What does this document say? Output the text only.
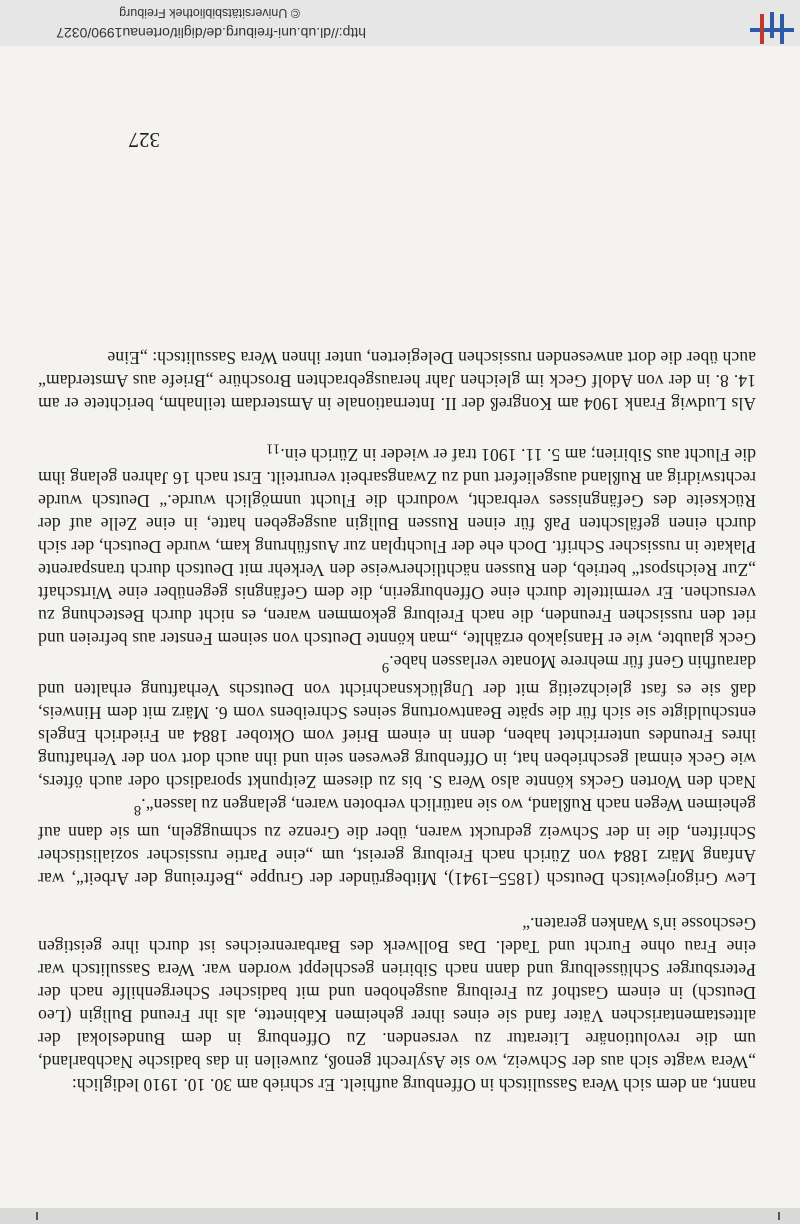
nannt, an dem sich Wera Sassulitsch in Offenburg aufhielt. Er schrieb am 30. 10. 1910 lediglich:

„Wera wagte sich aus der Schweiz, wo sie Asylrecht genoß, zuweilen in das badische Nachbarland, um die revolutionäre Literatur zu versenden. Zu Offenburg in dem Bundeslokal der alttestamentarischen Väter fand sie eines ihrer geheimen Kabinette, als ihr Freund Bulìgin (Leo Deutsch) in einem Gasthof zu Freiburg ausgehoben und mit badischer Schergenhilfe nach der Petersburger Schlüsselburg und dann nach Sibirien geschleppt worden war. Wera Sassulitsch war eine Frau ohne Furcht und Tadel. Das Bollwerk des Barbarenreiches ist durch ihre geistigen Geschosse in's Wanken geraten.“

Lew Grigorjewitsch Deutsch (1855–1941), Mitbegründer der Gruppe „Befreiung der Arbeit“, war Anfang März 1884 von Zürich nach Freiburg gereist, um „eine Partie russischer sozialistischer Schriften, die in der Schweiz gedruckt waren, über die Grenze zu schmuggeln, um sie dann auf geheimen Wegen nach Rußland, wo sie natürlich verboten waren, gelangen zu lassen“.$^8$

Nach den Worten Gecks könnte also Wera S. bis zu diesem Zeitpunkt sporadisch oder auch öfters, wie Geck einmal geschrieben hat, in Offenburg gewesen sein und ihn auch dort von der Verhaftung ihres Freundes unterrichtet haben, denn in einem Brief vom Oktober 1884 an Friedrich Engels entschuldigte sie sich für die späte Beantwortung seines Schreibens vom 6. März mit dem Hinweis, daß sie es fast gleichzeitig mit der Unglücksnachricht von Deutschs Verhaftung erhalten und daraufhin Genf für mehrere Monate verlassen habe.$^9$

Geck glaubte, wie er Hansjakob erzählte, „man könnte Deutsch von seinem Fenster aus befreien und riet den russischen Freunden, die nach Freiburg gekommen waren, es nicht durch Bestechung zu versuchen. Er vermittelte durch eine Offenburgerin, die dem Gefängnis gegenüber eine Wirtschaft „Zur Reichspost“ betrieb, den Russen nächtlicherweise den Verkehr mit Deutsch durch transparente Plakate in russischer Schrift. Doch ehe der Fluchtplan zur Ausführung kam, wurde Deutsch, der sich durch einen gefälschten Paß für einen Russen Bulìgin ausgegeben hatte, in eine Zelle auf der Rückseite des Gefängnisses verbracht, wodurch die Flucht unmöglich wurde.“ Deutsch wurde rechtswidrig an Rußland ausgeliefert und zu Zwangsarbeit verurteilt. Erst nach 16 Jahren gelang ihm die Flucht aus Sibirien; am 5. 11. 1901 traf er wieder in Zürich $ein._{11}$

Als Ludwig Frank 1904 am Kongreß der II. Internationale in Amsterdam teilnahm, berichtete er am 14. 8. in der von Adolf Geck im gleichen Jahr herausgebrachten Broschüre „Briefe aus Amsterdam“ auch über die dort anwesenden russischen Delegierten, unter ihnen Wera Sassulitsch: „Eine

327
http://dl.ub.uni-freiburg.de/diglit/ortenau1990/0327
© Universitätsbibliothek Freiburg
